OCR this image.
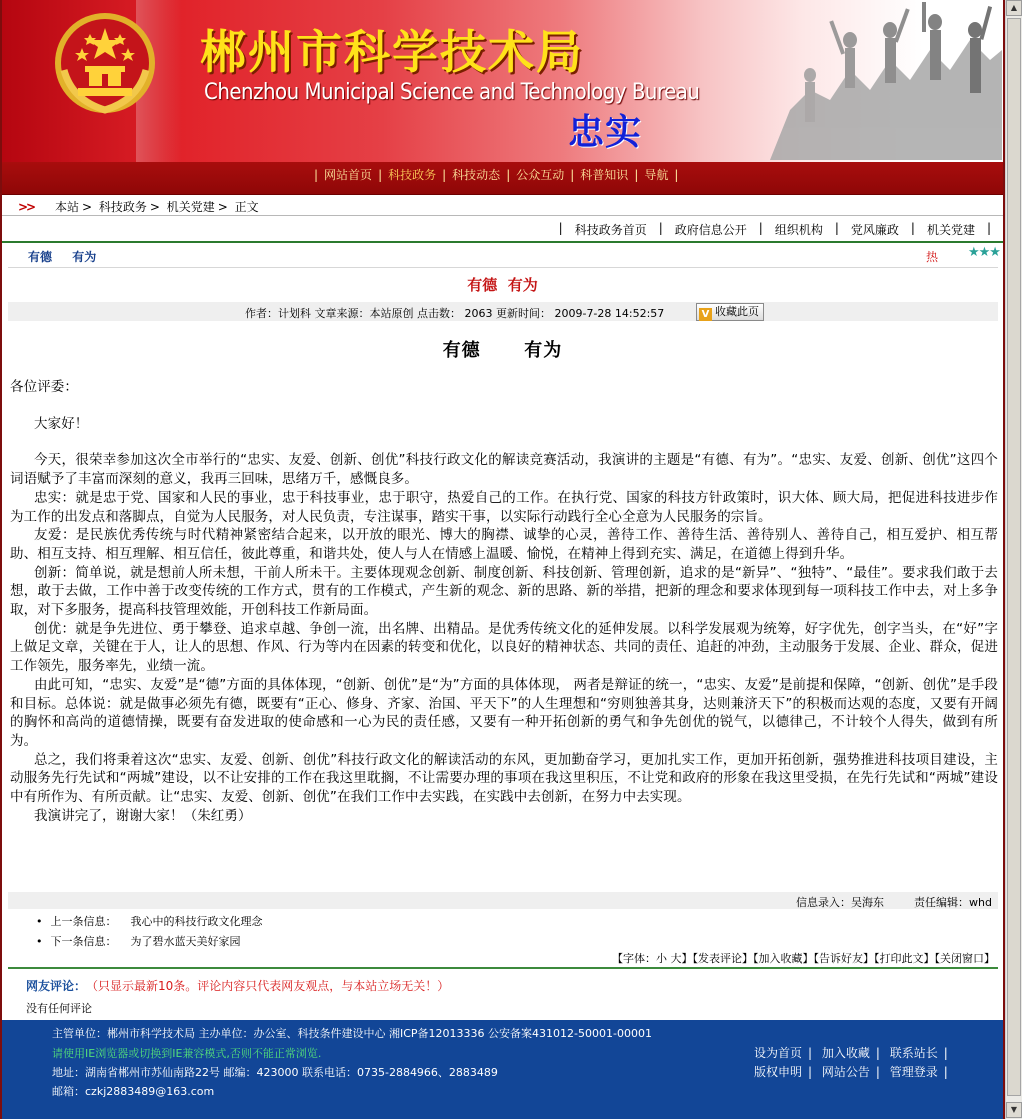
郴州市科学技术局
Chenzhou Municipal Science and Technology Bureau
忠实
| 网站首页 | 科技政务 | 科技动态 | 公众互动 | 科普知识 | 导航 |
>> 本站 > 科技政务 > 机关党建 > 正文
|	科技政务首页	|	政府信息公开	|	组织机构	|	党风廉政	|	机关党建	|
有德 有为	热 ★★★
有德  有为
作者：计划科 文章来源：本站原创 点击数： 2063 更新时间： 2009-7-28 14:52:57	V 收藏此页
有德      有为

各位评委：

大家好！

今天，很荣幸参加这次全市举行的“忠实、友爱、创新、创优”科技行政文化的解读竞赛活动，我演讲的主题是“有德、有为”。“忠实、友爱、创新、创优”这四个词语赋予了丰富而深刻的意义，我再三回味，思绪万千，感慨良多。

忠实：就是忠于党、国家和人民的事业，忠于科技事业，忠于职守，热爱自己的工作。在执行党、国家的科技方针政策时，识大体、顾大局，把促进科技进步作为工作的出发点和落脚点，自觉为人民服务，对人民负责，专注谋事，踏实干事，以实际行动践行全心全意为人民服务的宗旨。

友爱：是民族优秀传统与时代精神紧密结合起来，以开放的眼光、博大的胸襟、诚挚的心灵，善待工作、善待生活、善待别人、善待自己，相互爱护、相互帮助、相互支持、相互理解、相互信任，彼此尊重，和谐共处，使人与人在情感上温暖、愉悦，在精神上得到充实、满足，在道德上得到升华。

创新：简单说，就是想前人所未想，干前人所未干。主要体现观念创新、制度创新、科技创新、管理创新，追求的是“新异”、“独特”、“最佳”。要求我们敢于去想，敢于去做，工作中善于改变传统的工作方式，贯有的工作模式，产生新的观念、新的思路、新的举措，把新的理念和要求体现到每一项科技工作中去，对上多争取，对下多服务，提高科技管理效能，开创科技工作新局面。

创优：就是争先进位、勇于攀登、追求卓越、争创一流，出名牌、出精品。是优秀传统文化的延伸发展。以科学发展观为统筹，好字优先，创字当头，在“好”字上做足文章，关键在于人，让人的思想、作风、行为等内在因素的转变和优化，以良好的精神状态、共同的责任、追赶的冲劲，主动服务于发展、企业、群众，促进工作领先，服务率先，业绩一流。

由此可知，“忠实、友爱”是“德”方面的具体体现，“创新、创优”是“为”方面的具体体现， 两者是辩证的统一，“忠实、友爱”是前提和保障，“创新、创优”是手段和目标。总体说：就是做事必须先有德，既要有“正心、修身、齐家、治国、平天下”的人生理想和“穷则独善其身，达则兼济天下”的积极而达观的态度，又要有开阔的胸怀和高尚的道德情操，既要有奋发进取的使命感和一心为民的责任感，又要有一种开拓创新的勇气和争先创优的锐气，以德律己，不计较个人得失，做到有所为。

总之，我们将秉着这次“忠实、友爱、创新、创优”科技行政文化的解读活动的东风，更加勤奋学习，更加扎实工作，更加开拓创新，强势推进科技项目建设，主动服务先行先试和“两城”建设，以不让安排的工作在我这里耽搁，不让需要办理的事项在我这里积压，不让党和政府的形象在我这里受损，在先行先试和“两城”建设中有所作为、有所贡献。让“忠实、友爱、创新、创优”在我们工作中去实践，在实践中去创新，在努力中去实现。

我演讲完了，谢谢大家！（朱红勇）

信息录入：吴海东	责任编辑：whd
• 上一条信息： 我心中的科技行政文化理念
• 下一条信息： 为了碧水蓝天美好家园
【字体：小 大】【发表评论】【加入收藏】【告诉好友】【打印此文】【关闭窗口】
网友评论： （只显示最新10条。评论内容只代表网友观点，与本站立场无关！）
没有任何评论
主管单位：郴州市科学技术局 主办单位：办公室、科技条件建设中心 湘ICP备12013336 公安备案431012-50001-00001
请使用IE浏览器或切换到IE兼容模式,否则不能正常浏览.
地址：湖南省郴州市苏仙南路22号 邮编：423000 联系电话：0735-2884966、2883489
邮箱：czkj2883489@163.com
设为首页 | 加入收藏 | 联系站长 |
版权申明 | 网站公告 | 管理登录 |
▲
▼
